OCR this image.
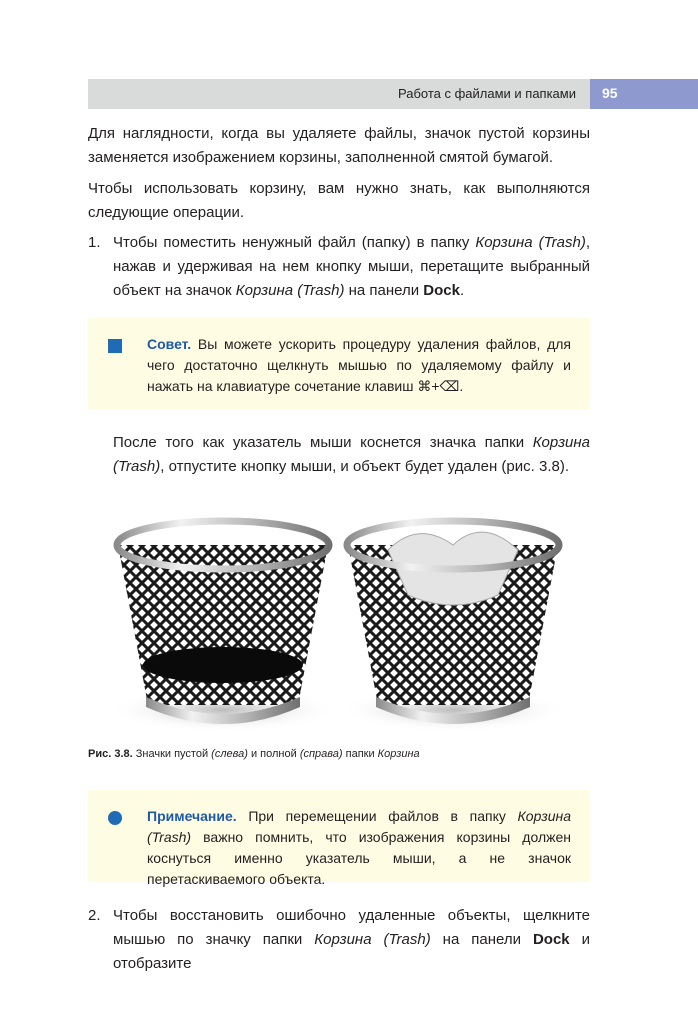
Работа с файлами и папками 95

Для наглядности, когда вы удаляете файлы, значок пустой корзины заменяется изображением корзины, заполненной смятой бумагой.

Чтобы использовать корзину, вам нужно знать, как выполняются следующие операции.

1. Чтобы поместить ненужный файл (папку) в папку Корзина (Trash), нажав и удерживая на нем кнопку мыши, перетащите выбранный объект на значок Корзина (Trash) на панели Dock.

Совет. Вы можете ускорить процедуру удаления файлов, для чего достаточно щелкнуть мышью по удаляемому файлу и нажать на клавиатуре сочетание клавиш ⌘+⌫.

После того как указатель мыши коснется значка папки Корзина (Trash), отпустите кнопку мыши, и объект будет удален (рис. 3.8).

Рис. 3.8. Значки пустой (слева) и полной (справа) папки Корзина

Примечание. При перемещении файлов в папку Корзина (Trash) важно помнить, что изображения корзины должен коснуться именно указатель мыши, а не значок перетаскиваемого объекта.

2. Чтобы восстановить ошибочно удаленные объекты, щелкните мышью по значку папки Корзина (Trash) на панели Dock и отобразите
